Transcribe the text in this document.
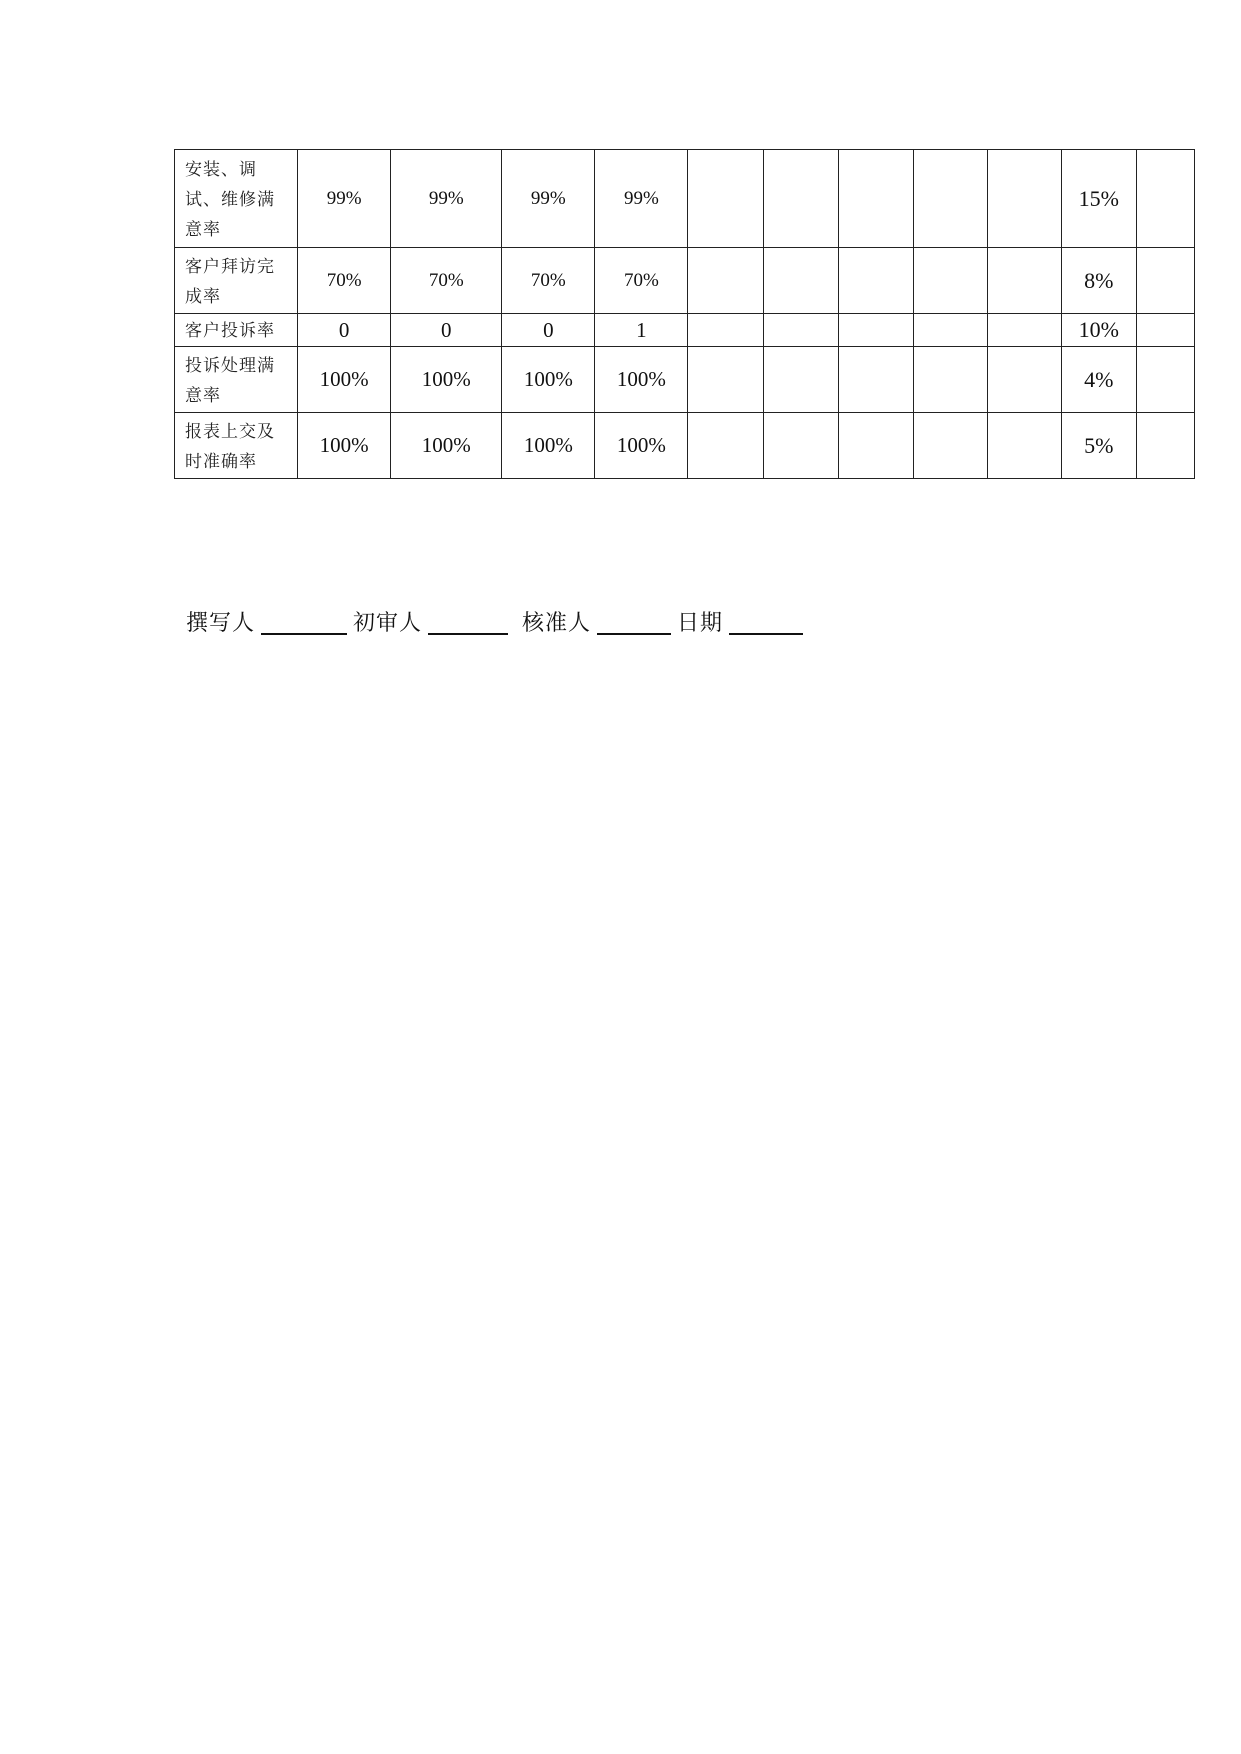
安装、调试、维修满意率	99%	99%	99%	99%						15%	
客户拜访完成率	70%	70%	70%	70%						8%	
客户投诉率	0	0	0	1						10%	
投诉处理满意率	100%	100%	100%	100%						4%	
报表上交及时准确率	100%	100%	100%	100%						5%	
撰写人	初审人	核准人	日期
